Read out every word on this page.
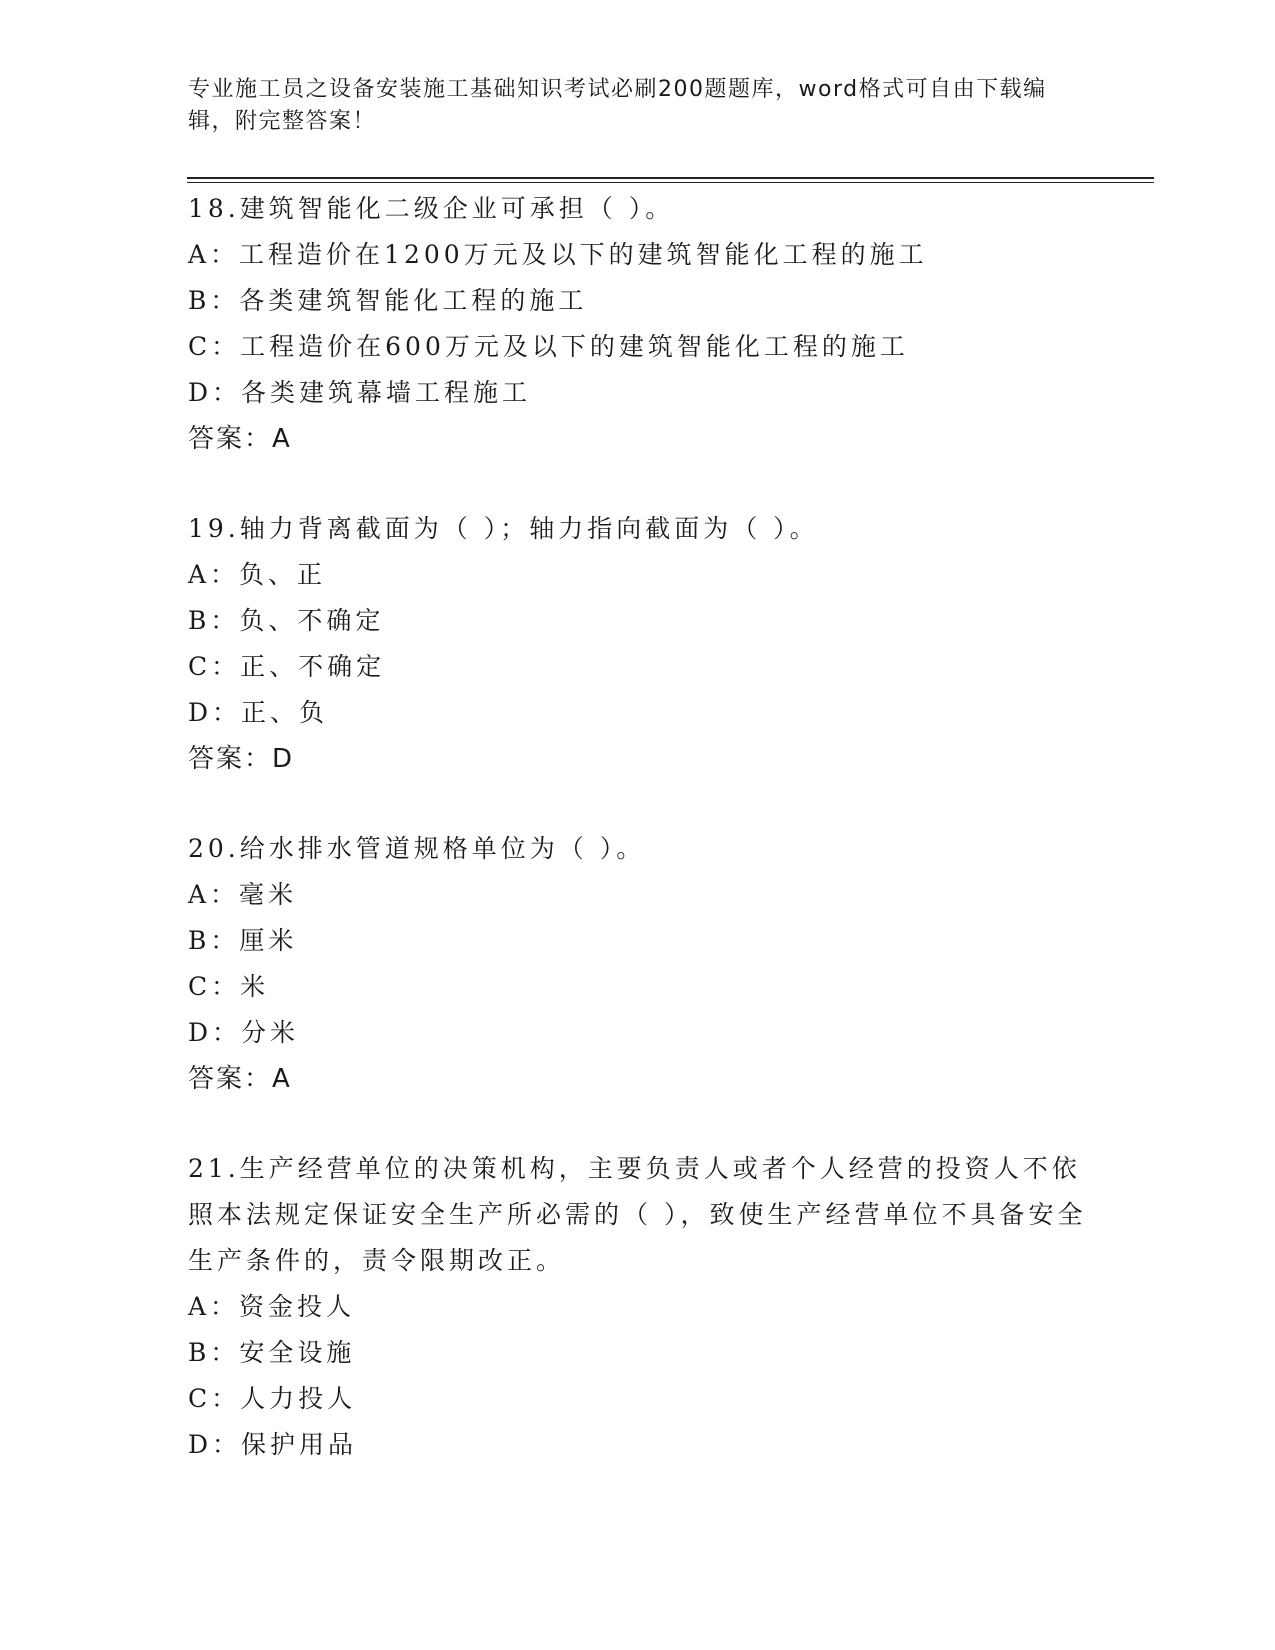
专业施工员之设备安装施工基础知识考试必刷200题题库，word格式可自由下载编辑，附完整答案！

18.建筑智能化二级企业可承担（ ）。

A：工程造价在1200万元及以下的建筑智能化工程的施工

B：各类建筑智能化工程的施工

C：工程造价在600万元及以下的建筑智能化工程的施工

D：各类建筑幕墙工程施工

答案：A

19.轴力背离截面为（ ）；轴力指向截面为（ ）。

A：负、正

B：负、不确定

C：正、不确定

D：正、负

答案：D

20.给水排水管道规格单位为（ ）。

A：毫米

B：厘米

C：米

D：分米

答案：A

21.生产经营单位的决策机构，主要负责人或者个人经营的投资人不依照本法规定保证安全生产所必需的（ ），致使生产经营单位不具备安全生产条件的，责令限期改正。

A：资金投人

B：安全设施

C：人力投人

D：保护用品
